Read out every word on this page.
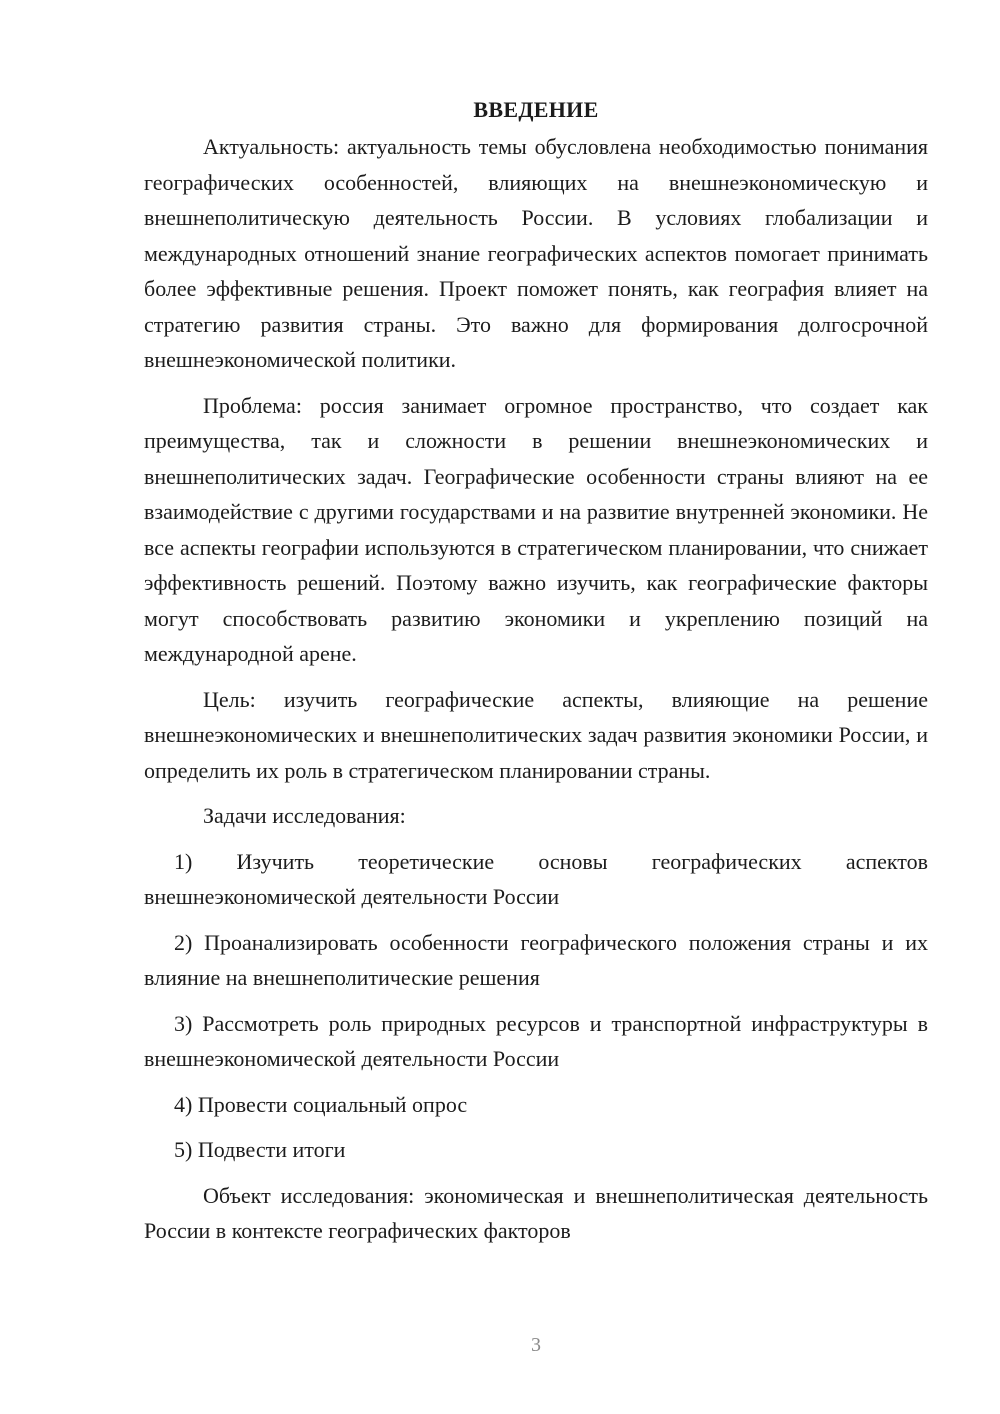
ВВЕДЕНИЕ

Актуальность: актуальность темы обусловлена необходимостью понимания географических особенностей, влияющих на внешнеэкономическую и внешнеполитическую деятельность России. В условиях глобализации и международных отношений знание географических аспектов помогает принимать более эффективные решения. Проект поможет понять, как география влияет на стратегию развития страны. Это важно для формирования долгосрочной внешнеэкономической политики.

Проблема: россия занимает огромное пространство, что создает как преимущества, так и сложности в решении внешнеэкономических и внешнеполитических задач. Географические особенности страны влияют на ее взаимодействие с другими государствами и на развитие внутренней экономики. Не все аспекты географии используются в стратегическом планировании, что снижает эффективность решений. Поэтому важно изучить, как географические факторы могут способствовать развитию экономики и укреплению позиций на международной арене.

Цель: изучить географические аспекты, влияющие на решение внешнеэкономических и внешнеполитических задач развития экономики России, и определить их роль в стратегическом планировании страны.

Задачи исследования:

1) Изучить теоретические основы географических аспектов внешнеэкономической деятельности России

2) Проанализировать особенности географического положения страны и их влияние на внешнеполитические решения

3) Рассмотреть роль природных ресурсов и транспортной инфраструктуры в внешнеэкономической деятельности России

4) Провести социальный опрос

5) Подвести итоги

Объект исследования: экономическая и внешнеполитическая деятельность России в контексте географических факторов

3
